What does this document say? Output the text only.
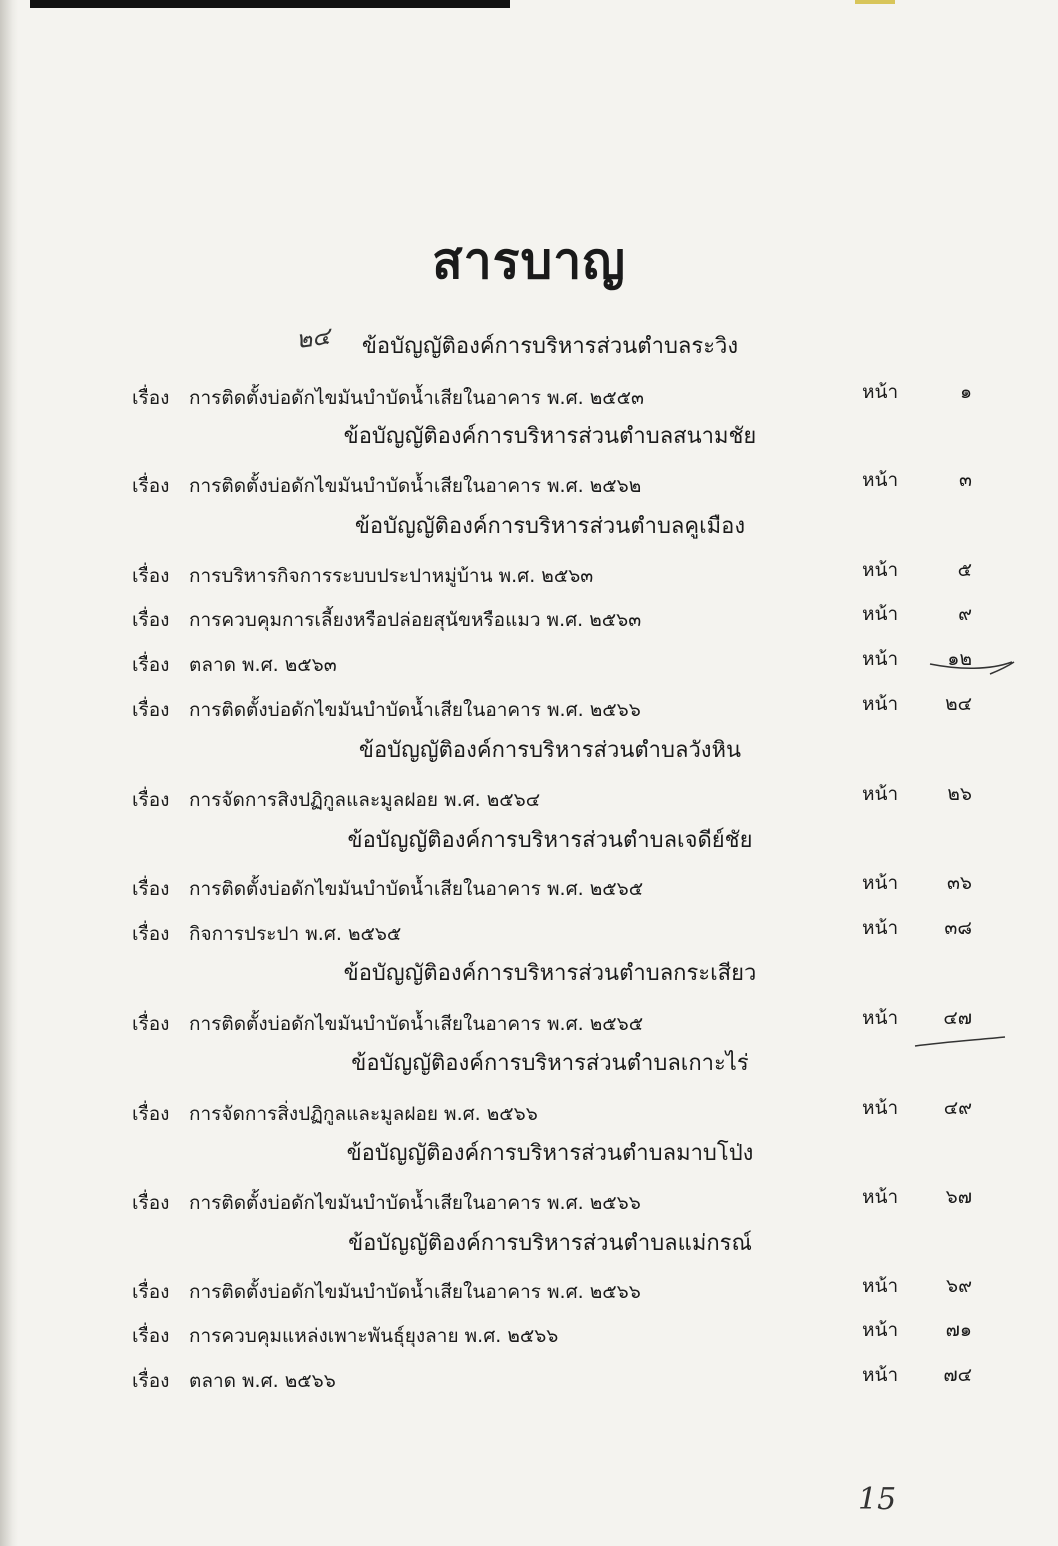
สารบาญ
๒๔	ข้อบัญญัติองค์การบริหารส่วนตำบลระวิง
เรื่อง การติดตั้งบ่อดักไขมันบำบัดน้ำเสียในอาคาร พ.ศ. ๒๕๕๓	หน้า	๑
ข้อบัญญัติองค์การบริหารส่วนตำบลสนามชัย
เรื่อง การติดตั้งบ่อดักไขมันบำบัดน้ำเสียในอาคาร พ.ศ. ๒๕๖๒	หน้า	๓
ข้อบัญญัติองค์การบริหารส่วนตำบลคูเมือง
เรื่อง การบริหารกิจการระบบประปาหมู่บ้าน พ.ศ. ๒๕๖๓	หน้า	๕
เรื่อง การควบคุมการเลี้ยงหรือปล่อยสุนัขหรือแมว พ.ศ. ๒๕๖๓	หน้า	๙
เรื่อง ตลาด พ.ศ. ๒๕๖๓	หน้า	๑๒
เรื่อง การติดตั้งบ่อดักไขมันบำบัดน้ำเสียในอาคาร พ.ศ. ๒๕๖๖	หน้า	๒๔
ข้อบัญญัติองค์การบริหารส่วนตำบลวังหิน
เรื่อง การจัดการสิงปฏิกูลและมูลฝอย พ.ศ. ๒๕๖๔	หน้า	๒๖
ข้อบัญญัติองค์การบริหารส่วนตำบลเจดีย์ชัย
เรื่อง การติดตั้งบ่อดักไขมันบำบัดน้ำเสียในอาคาร พ.ศ. ๒๕๖๕	หน้า	๓๖
เรื่อง กิจการประปา พ.ศ. ๒๕๖๕	หน้า	๓๘
ข้อบัญญัติองค์การบริหารส่วนตำบลกระเสียว
เรื่อง การติดตั้งบ่อดักไขมันบำบัดน้ำเสียในอาคาร พ.ศ. ๒๕๖๕	หน้า	๔๗
ข้อบัญญัติองค์การบริหารส่วนตำบลเกาะไร่
เรื่อง การจัดการสิ่งปฏิกูลและมูลฝอย พ.ศ. ๒๕๖๖	หน้า	๔๙
ข้อบัญญัติองค์การบริหารส่วนตำบลมาบโป่ง
เรื่อง การติดตั้งบ่อดักไขมันบำบัดน้ำเสียในอาคาร พ.ศ. ๒๕๖๖	หน้า	๖๗
ข้อบัญญัติองค์การบริหารส่วนตำบลแม่กรณ์
เรื่อง การติดตั้งบ่อดักไขมันบำบัดน้ำเสียในอาคาร พ.ศ. ๒๕๖๖	หน้า	๖๙
เรื่อง การควบคุมแหล่งเพาะพันธุ์ยุงลาย พ.ศ. ๒๕๖๖	หน้า	๗๑
เรื่อง ตลาด พ.ศ. ๒๕๖๖	หน้า	๗๔
15
